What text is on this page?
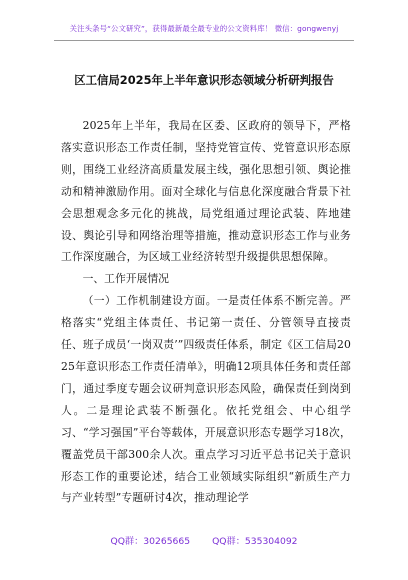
关注头条号“公文研究”，获得最新最全最专业的公文资料库！ 微信：gongwenyj
区工信局2025年上半年意识形态领域分析研判报告

2025年上半年，我局在区委、区政府的领导下，严格落实意识形态工作责任制，坚持党管宣传、党管意识形态原则，围绕工业经济高质量发展主线，强化思想引领、舆论推动和精神激励作用。面对全球化与信息化深度融合背景下社会思想观念多元化的挑战，局党组通过理论武装、阵地建设、舆论引导和网络治理等措施，推动意识形态工作与业务工作深度融合，为区域工业经济转型升级提供思想保障。

一、工作开展情况

（一）工作机制建设方面。一是责任体系不断完善。严格落实“党组主体责任、书记第一责任、分管领导直接责任、班子成员‘一岗双责’”四级责任体系，制定《区工信局2025年意识形态工作责任清单》，明确12项具体任务和责任部门，通过季度专题会议研判意识形态风险，确保责任到岗到人。二是理论武装不断强化。依托党组会、中心组学习、“学习强国”平台等载体，开展意识形态专题学习18次，覆盖党员干部300余人次。重点学习习近平总书记关于意识形态工作的重要论述，结合工业领域实际组织“新质生产力与产业转型”专题研讨4次，推动理论学

QQ群：30265665 QQ群：535304092
